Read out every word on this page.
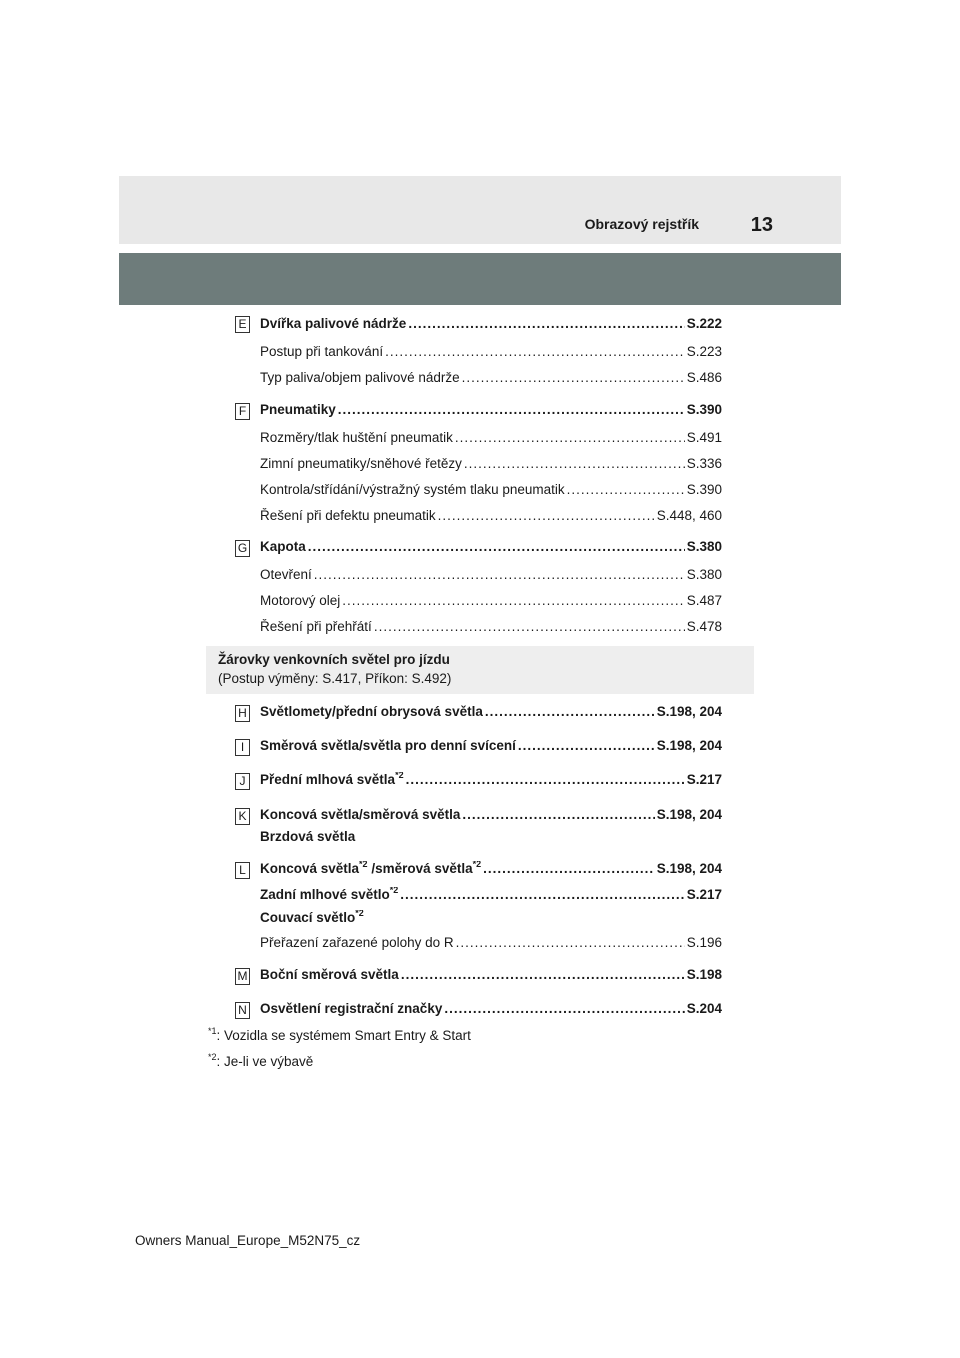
Obrazový rejstřík	13
E Dvířka palivové nádrže .....	S.222
Postup při tankování .....	S.223
Typ paliva/objem palivové nádrže .....	S.486
F Pneumatiky .....	S.390
Rozměry/tlak huštění pneumatik .....	S.491
Zimní pneumatiky/sněhové řetězy .....	S.336
Kontrola/střídání/výstražný systém tlaku pneumatik .....	S.390
Řešení při defektu pneumatik .....	S.448, 460
G Kapota .....	S.380
Otevření .....	S.380
Motorový olej .....	S.487
Řešení při přehřátí .....	S.478
Žárovky venkovních světel pro jízdu
(Postup výměny: S.417, Příkon: S.492)
H Světlomety/přední obrysová světla .....	S.198, 204
I	Směrová světla/světla pro denní svícení .....	S.198, 204
J	Přední mlhová světla$^{*2}$ .....	S.217
K Koncová světla/směrová světla .....	S.198, 204
Brzdová světla
L	Koncová světla$^{*2}$ /směrová světla$^{*2}$ .....	S.198, 204
Zadní mlhové světlo$^{*2}$ .....	S.217
Couvací světlo$^{*2}$
Přeřazení zařazené polohy do R .....	S.196
M Boční směrová světla .....	S.198
N Osvětlení registrační značky .....	S.204
$^{*1}$: Vozidla se systémem Smart Entry & Start
$^{*2}$: Je-li ve výbavě
Owners Manual_Europe_M52N75_cz
